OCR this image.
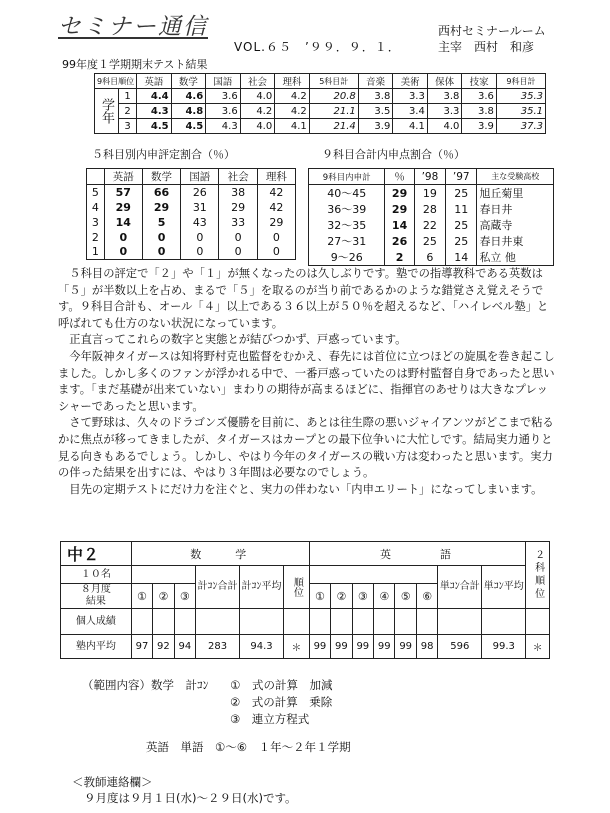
セミナー通信	西村セミナールーム
VOL.６５　’９９．９．１．	主宰　西村　和彦
99年度１学期期末テスト結果
9科目順位		英語	数学	国語	社会	理科	5科目計	音楽	美術	保体	技家	9科目計
学年	1	4.4	4.6	3.6	4.0	4.2	20.8	3.8	3.3	3.8	3.6	35.3
	2	4.3	4.8	3.6	4.2	4.2	21.1	3.5	3.4	3.3	3.8	35.1
	3	4.5	4.5	4.3	4.0	4.1	21.4	3.9	4.1	4.0	3.9	37.3
５科目別内申評定割合（％）
	英語	数学	国語	社会	理科
5	57	66	26	38	42
4	29	29	31	29	42
3	14	5	43	33	29
2	0	0	0	0	0
1	0	0	0	0	0
９科目合計内申点割合（％）
9科目内申計	％	’98	’97	主な受験高校
40～45	29	19	25	旭丘菊里
36～39	29	28	11	春日井
32～35	14	22	25	高蔵寺
27～31	26	25	25	春日井東
9～26	2	6	14	私立 他

５科目の評定で「２」や「１」が無くなったのは久しぶりです。塾での指導教科である英数は「５」が半数以上を占め、まるで「５」を取るのが当り前であるかのような錯覚さえ覚えそうです。９科目合計も、オール「４」以上である３６以上が５０％を超えるなど、「ハイレベル塾」と呼ばれても仕方のない状況になっています。

正直言ってこれらの数字と実態とが結びつかず、戸惑っています。

今年阪神タイガースは知将野村克也監督をむかえ、春先には首位に立つほどの旋風を巻き起こしました。しかし多くのファンが浮かれる中で、一番戸惑っていたのは野村監督自身であったと思います。「まだ基礎が出来ていない」まわりの期待が高まるほどに、指揮官のあせりは大きなプレッシャーであったと思います。

さて野球は、久々のドラゴンズ優勝を目前に、あとは往生際の悪いジャイアンツがどこまで粘るかに焦点が移ってきましたが、タイガースはカープとの最下位争いに大忙しです。結局実力通りと見る向きもあるでしょう。しかし、やはり今年のタイガースの戦い方は変わったと思います。実力の伴った結果を出すには、やはり３年間は必要なのでしょう。

目先の定期テストにだけ力を注ぐと、実力の伴わない「内申エリート」になってしまいます。

中２	数　　学						英　　　語								２科順位
１０名				計ｺﾝ合計	計ｺﾝ平均	順位							単ｺﾝ合計	単ｺﾝ平均	
８月度
結果	①	②	③				①	②	③	④	⑤	⑥			
個人成績															
塾内平均	97	92	94	283	94.3	＊	99	99	99	99	99	98	596	99.3	＊
（範囲内容）数学　計ｺﾝ ①　式の計算　加減
②　式の計算　乗除
③　連立方程式
英語　単語　①～⑥　１年～２年１学期
＜教師連絡欄＞
９月度は９月１日(水)～２９日(水)です。
